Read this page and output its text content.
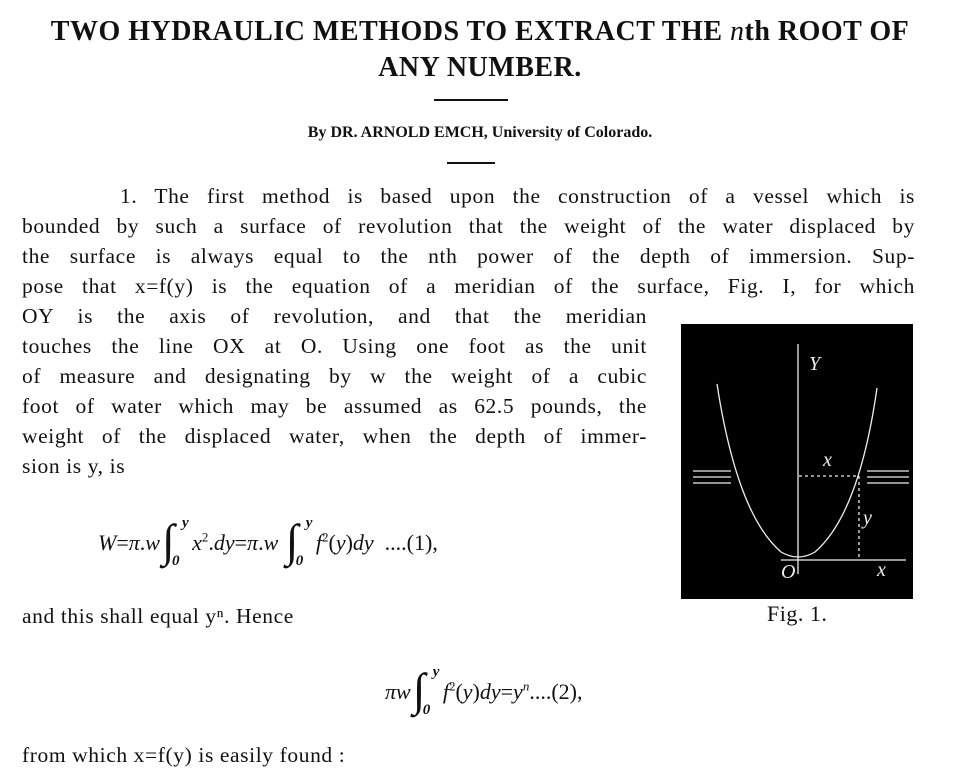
TWO HYDRAULIC METHODS TO EXTRACT THE nth ROOT OF
ANY NUMBER.
By DR. ARNOLD EMCH, University of Colorado.
1. The first method is based upon the construction of a vessel which is
bounded by such a surface of revolution that the weight of the water displaced by
the surface is always equal to the nth power of the depth of immersion. Sup-
pose that x=f(y) is the equation of a meridian of the surface, Fig. I, for which
OY is the axis of revolution, and that the meridian
touches the line OX at O. Using one foot as the unit
of measure and designating by w the weight of a cubic
foot of water which may be assumed as 62.5 pounds, the
weight of the displaced water, when the depth of immer-
sion is y, is
W=π.w∫ y
0
$x^2.dy=\pi.w$ ∫ y
0
$f^2(y)dy$  ....(1),
and this shall equal yⁿ. Hence
πw∫ y
0
$f^2(y)dy=y^n....(2)$,
from which x=f(y) is easily found :
Y
x
y
O	x
Fig. 1.
